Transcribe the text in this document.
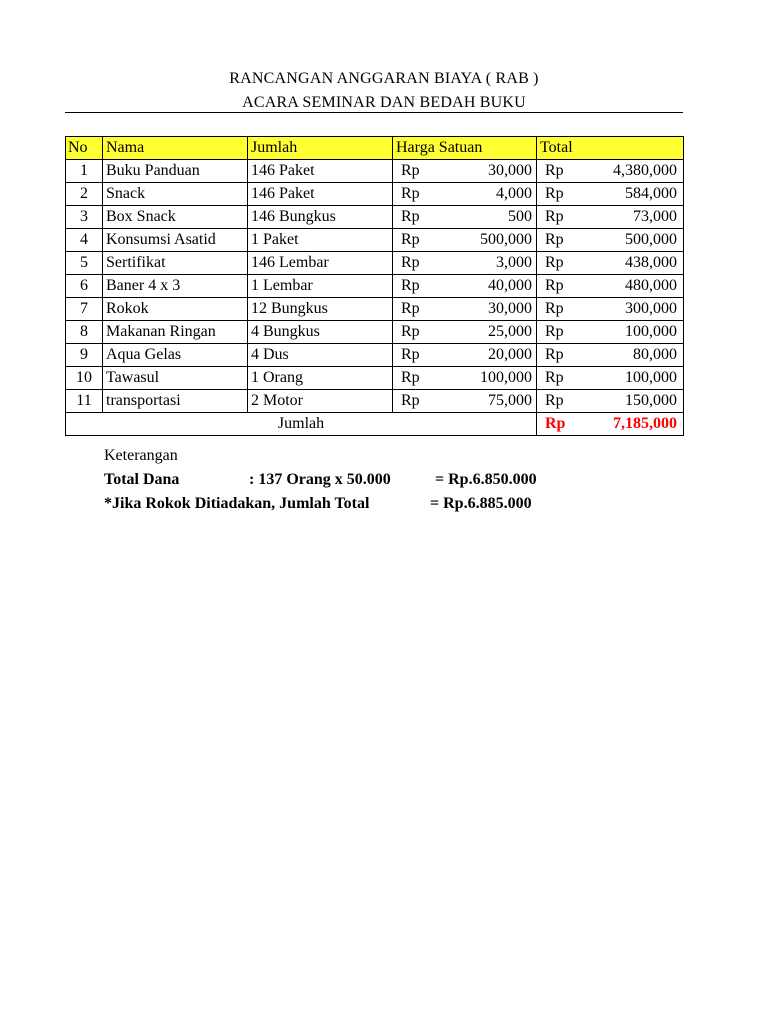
RANCANGAN ANGGARAN BIAYA ( RAB )
ACARA SEMINAR DAN BEDAH BUKU
No	Nama	Jumlah	Harga Satuan		Total	
1	Buku Panduan	146 Paket	Rp	30,000	Rp	4,380,000
2	Snack	146 Paket	Rp	4,000	Rp	584,000
3	Box Snack	146 Bungkus	Rp	500	Rp	73,000
4	Konsumsi Asatid	1 Paket	Rp	500,000	Rp	500,000
5	Sertifikat	146 Lembar	Rp	3,000	Rp	438,000
6	Baner 4 x 3	1 Lembar	Rp	40,000	Rp	480,000
7	Rokok	12 Bungkus	Rp	30,000	Rp	300,000
8	Makanan Ringan	4 Bungkus	Rp	25,000	Rp	100,000
9	Aqua Gelas	4 Dus	Rp	20,000	Rp	80,000
10	Tawasul	1 Orang	Rp	100,000	Rp	100,000
11	transportasi	2 Motor	Rp	75,000	Rp	150,000
Jumlah					Rp	7,185,000
Keterangan
Total Dana	: 137 Orang x 50.000	= Rp.6.850.000
*Jika Rokok Ditiadakan, Jumlah Total	= Rp.6.885.000
